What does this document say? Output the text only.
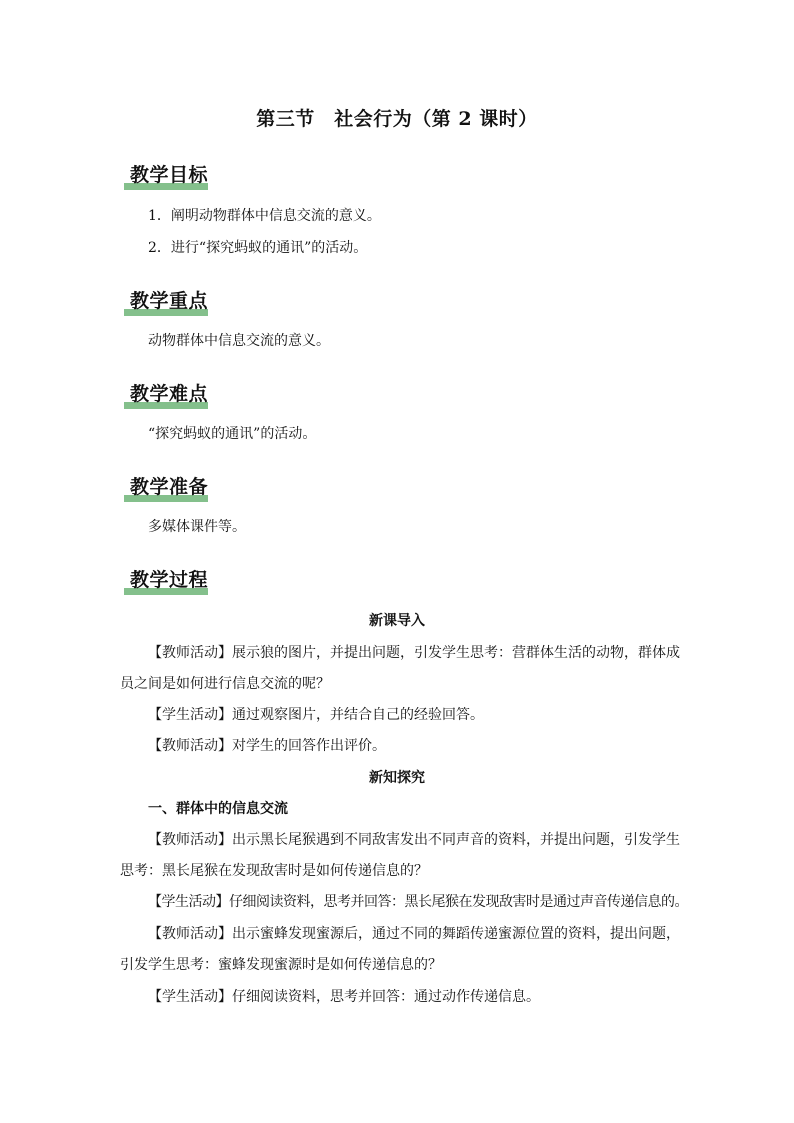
第三节　社会行为（第 2 课时）
教学目标
1．阐明动物群体中信息交流的意义。
2．进行“探究蚂蚁的通讯”的活动。
教学重点
动物群体中信息交流的意义。
教学难点
“探究蚂蚁的通讯”的活动。
教学准备
多媒体课件等。
教学过程
新课导入
【教师活动】展示狼的图片，并提出问题，引发学生思考：营群体生活的动物，群体成
员之间是如何进行信息交流的呢？
【学生活动】通过观察图片，并结合自己的经验回答。
【教师活动】对学生的回答作出评价。
新知探究
一、群体中的信息交流
【教师活动】出示黑长尾猴遇到不同敌害发出不同声音的资料，并提出问题，引发学生
思考：黑长尾猴在发现敌害时是如何传递信息的？
【学生活动】仔细阅读资料，思考并回答：黑长尾猴在发现敌害时是通过声音传递信息的。
【教师活动】出示蜜蜂发现蜜源后，通过不同的舞蹈传递蜜源位置的资料，提出问题，
引发学生思考：蜜蜂发现蜜源时是如何传递信息的？
【学生活动】仔细阅读资料，思考并回答：通过动作传递信息。
